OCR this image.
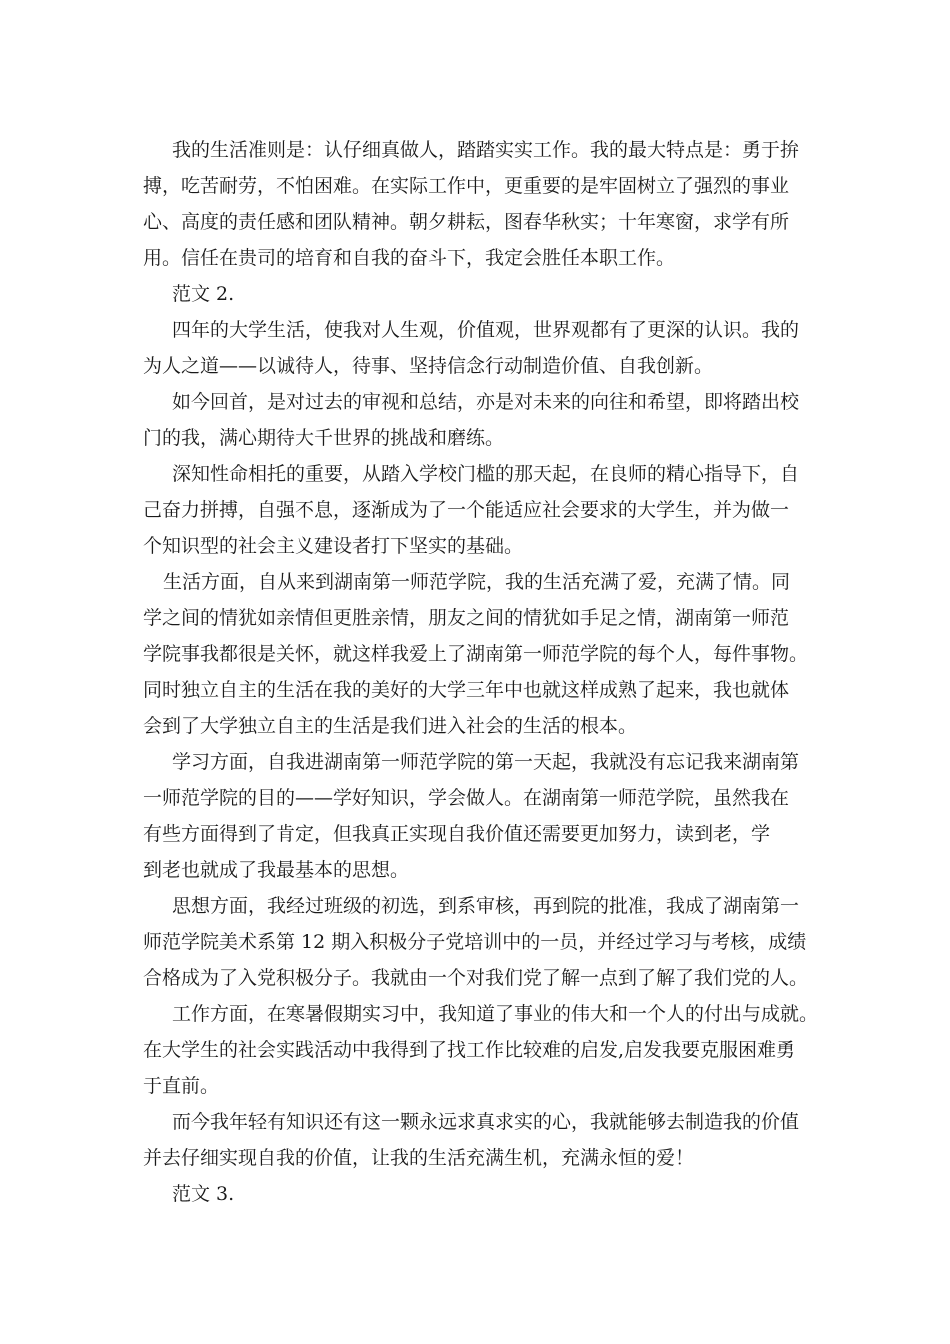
我的生活准则是：认仔细真做人，踏踏实实工作。我的最大特点是：勇于拚
搏，吃苦耐劳，不怕困难。在实际工作中，更重要的是牢固树立了强烈的事业
心、高度的责任感和团队精神。朝夕耕耘，图春华秋实；十年寒窗，求学有所
用。信任在贵司的培育和自我的奋斗下，我定会胜任本职工作。
范文 2.
四年的大学生活，使我对人生观，价值观，世界观都有了更深的认识。我的
为人之道——以诚待人，待事、坚持信念行动制造价值、自我创新。
如今回首，是对过去的审视和总结，亦是对未来的向往和希望，即将踏出校
门的我，满心期待大千世界的挑战和磨练。
深知性命相托的重要，从踏入学校门槛的那天起，在良师的精心指导下，自
己奋力拼搏，自强不息，逐渐成为了一个能适应社会要求的大学生，并为做一
个知识型的社会主义建设者打下坚实的基础。
生活方面，自从来到湖南第一师范学院，我的生活充满了爱，充满了情。同
学之间的情犹如亲情但更胜亲情，朋友之间的情犹如手足之情，湖南第一师范
学院事我都很是关怀，就这样我爱上了湖南第一师范学院的每个人，每件事物。
同时独立自主的生活在我的美好的大学三年中也就这样成熟了起来，我也就体
会到了大学独立自主的生活是我们进入社会的生活的根本。
学习方面，自我进湖南第一师范学院的第一天起，我就没有忘记我来湖南第
一师范学院的目的——学好知识，学会做人。在湖南第一师范学院，虽然我在
有些方面得到了肯定，但我真正实现自我价值还需要更加努力，读到老，学
到老也就成了我最基本的思想。
思想方面，我经过班级的初选，到系审核，再到院的批准，我成了湖南第一
师范学院美术系第 12 期入积极分子党培训中的一员，并经过学习与考核，成绩
合格成为了入党积极分子。我就由一个对我们党了解一点到了解了我们党的人。
工作方面，在寒暑假期实习中，我知道了事业的伟大和一个人的付出与成就。
在大学生的社会实践活动中我得到了找工作比较难的启发,启发我要克服困难勇
于直前。
而今我年轻有知识还有这一颗永远求真求实的心，我就能够去制造我的价值
并去仔细实现自我的价值，让我的生活充满生机，充满永恒的爱！
范文 3.
